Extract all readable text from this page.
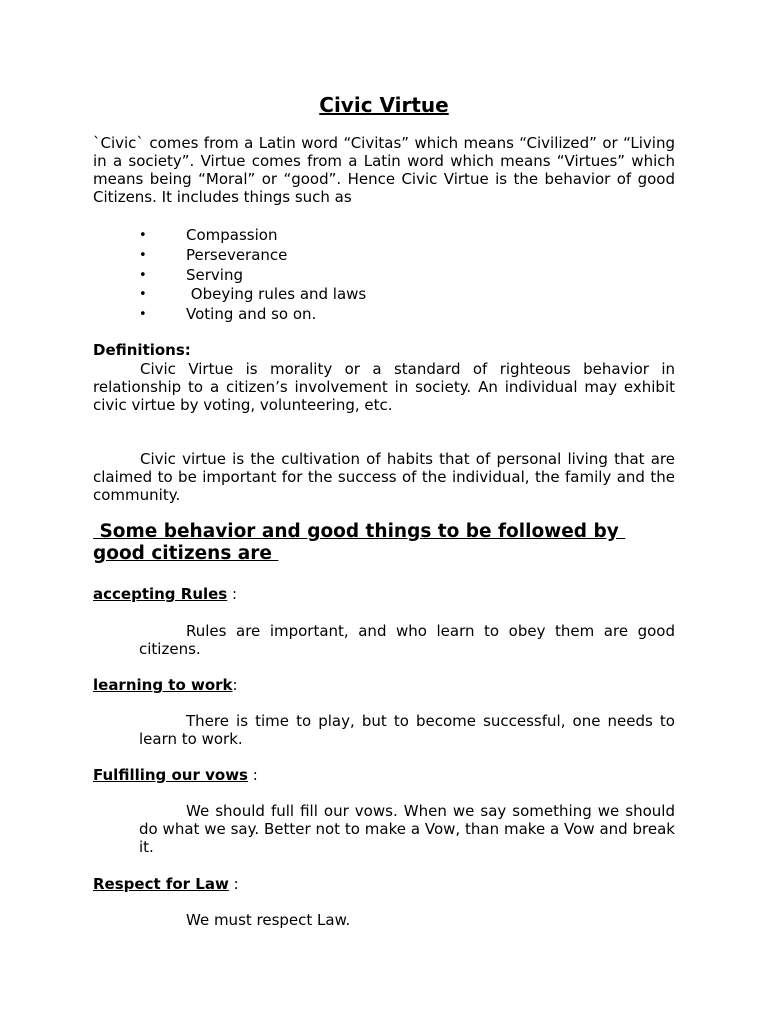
Civic Virtue

`Civic` comes from a Latin word “Civitas” which means “Civilized” or “Living in a society”. Virtue comes from a Latin word which means “Virtues” which means being “Moral” or “good”. Hence Civic Virtue is the behavior of good Citizens. It includes things such as

•	Compassion
•	Perseverance
•	Serving
•	Obeying rules and laws
•	Voting and so on.
Definitions:

Civic Virtue is morality or a standard of righteous behavior in relationship to a citizen’s involvement in society. An individual may exhibit civic virtue by voting, volunteering, etc.

Civic virtue is the cultivation of habits that of personal living that are claimed to be important for the success of the individual, the family and the community.

Some behavior and good things to be followed by good citizens are
accepting Rules :

Rules are important, and who learn to obey them are good citizens.

learning to work:

There is time to play, but to become successful, one needs to learn to work.

Fulfilling our vows :

We should full fill our vows. When we say something we should do what we say. Better not to make a Vow, than make a Vow and break it.

Respect for Law :

We must respect Law.
